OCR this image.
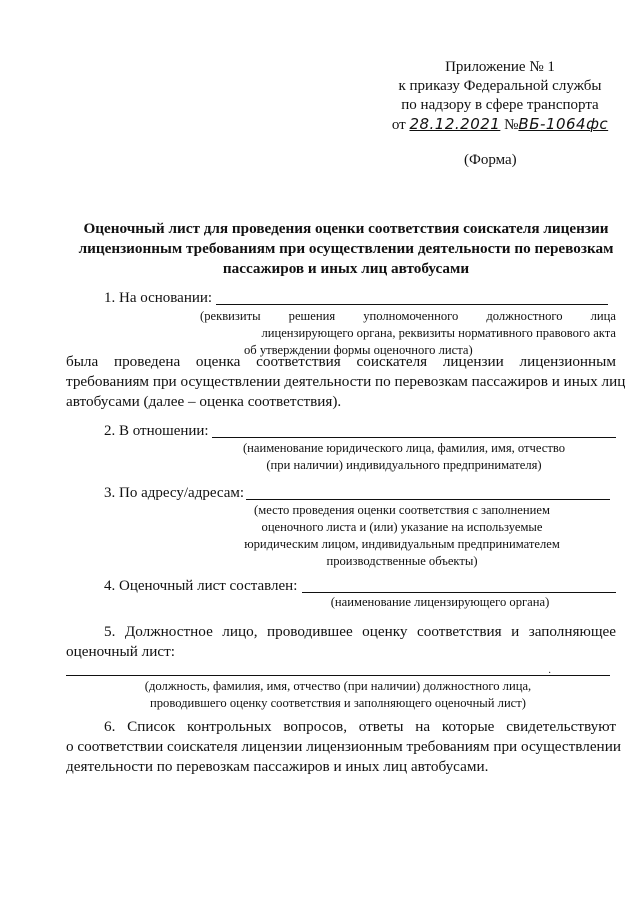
Приложение № 1
к приказу Федеральной службы
по надзору в сфере транспорта
от 28.12.2021 №ВБ-1064фс
(Форма)
Оценочный лист для проведения оценки соответствия соискателя лицензии
лицензионным требованиям при осуществлении деятельности по перевозкам
пассажиров и иных лиц автобусами
1. На основании:
(реквизиты решения уполномоченного должностного лица
лицензирующего органа, реквизиты нормативного правового акта
об утверждении формы оценочного листа)
была проведена оценка соответствия соискателя лицензии лицензионным
требованиям при осуществлении деятельности по перевозкам пассажиров и иных лиц
автобусами (далее – оценка соответствия).
2. В отношении:
(наименование юридического лица, фамилия, имя, отчество
(при наличии) индивидуального предпринимателя)
3. По адресу/адресам:
(место проведения оценки соответствия с заполнением
оценочного листа и (или) указание на используемые
юридическим лицом, индивидуальным предпринимателем
производственные объекты)
4. Оценочный лист составлен:
(наименование лицензирующего органа)
5. Должностное лицо, проводившее оценку соответствия и заполняющее
оценочный лист:
·
(должность, фамилия, имя, отчество (при наличии) должностного лица,
проводившего оценку соответствия и заполняющего оценочный лист)
6. Список контрольных вопросов, ответы на которые свидетельствуют
о соответствии соискателя лицензии лицензионным требованиям при осуществлении
деятельности по перевозкам пассажиров и иных лиц автобусами.
